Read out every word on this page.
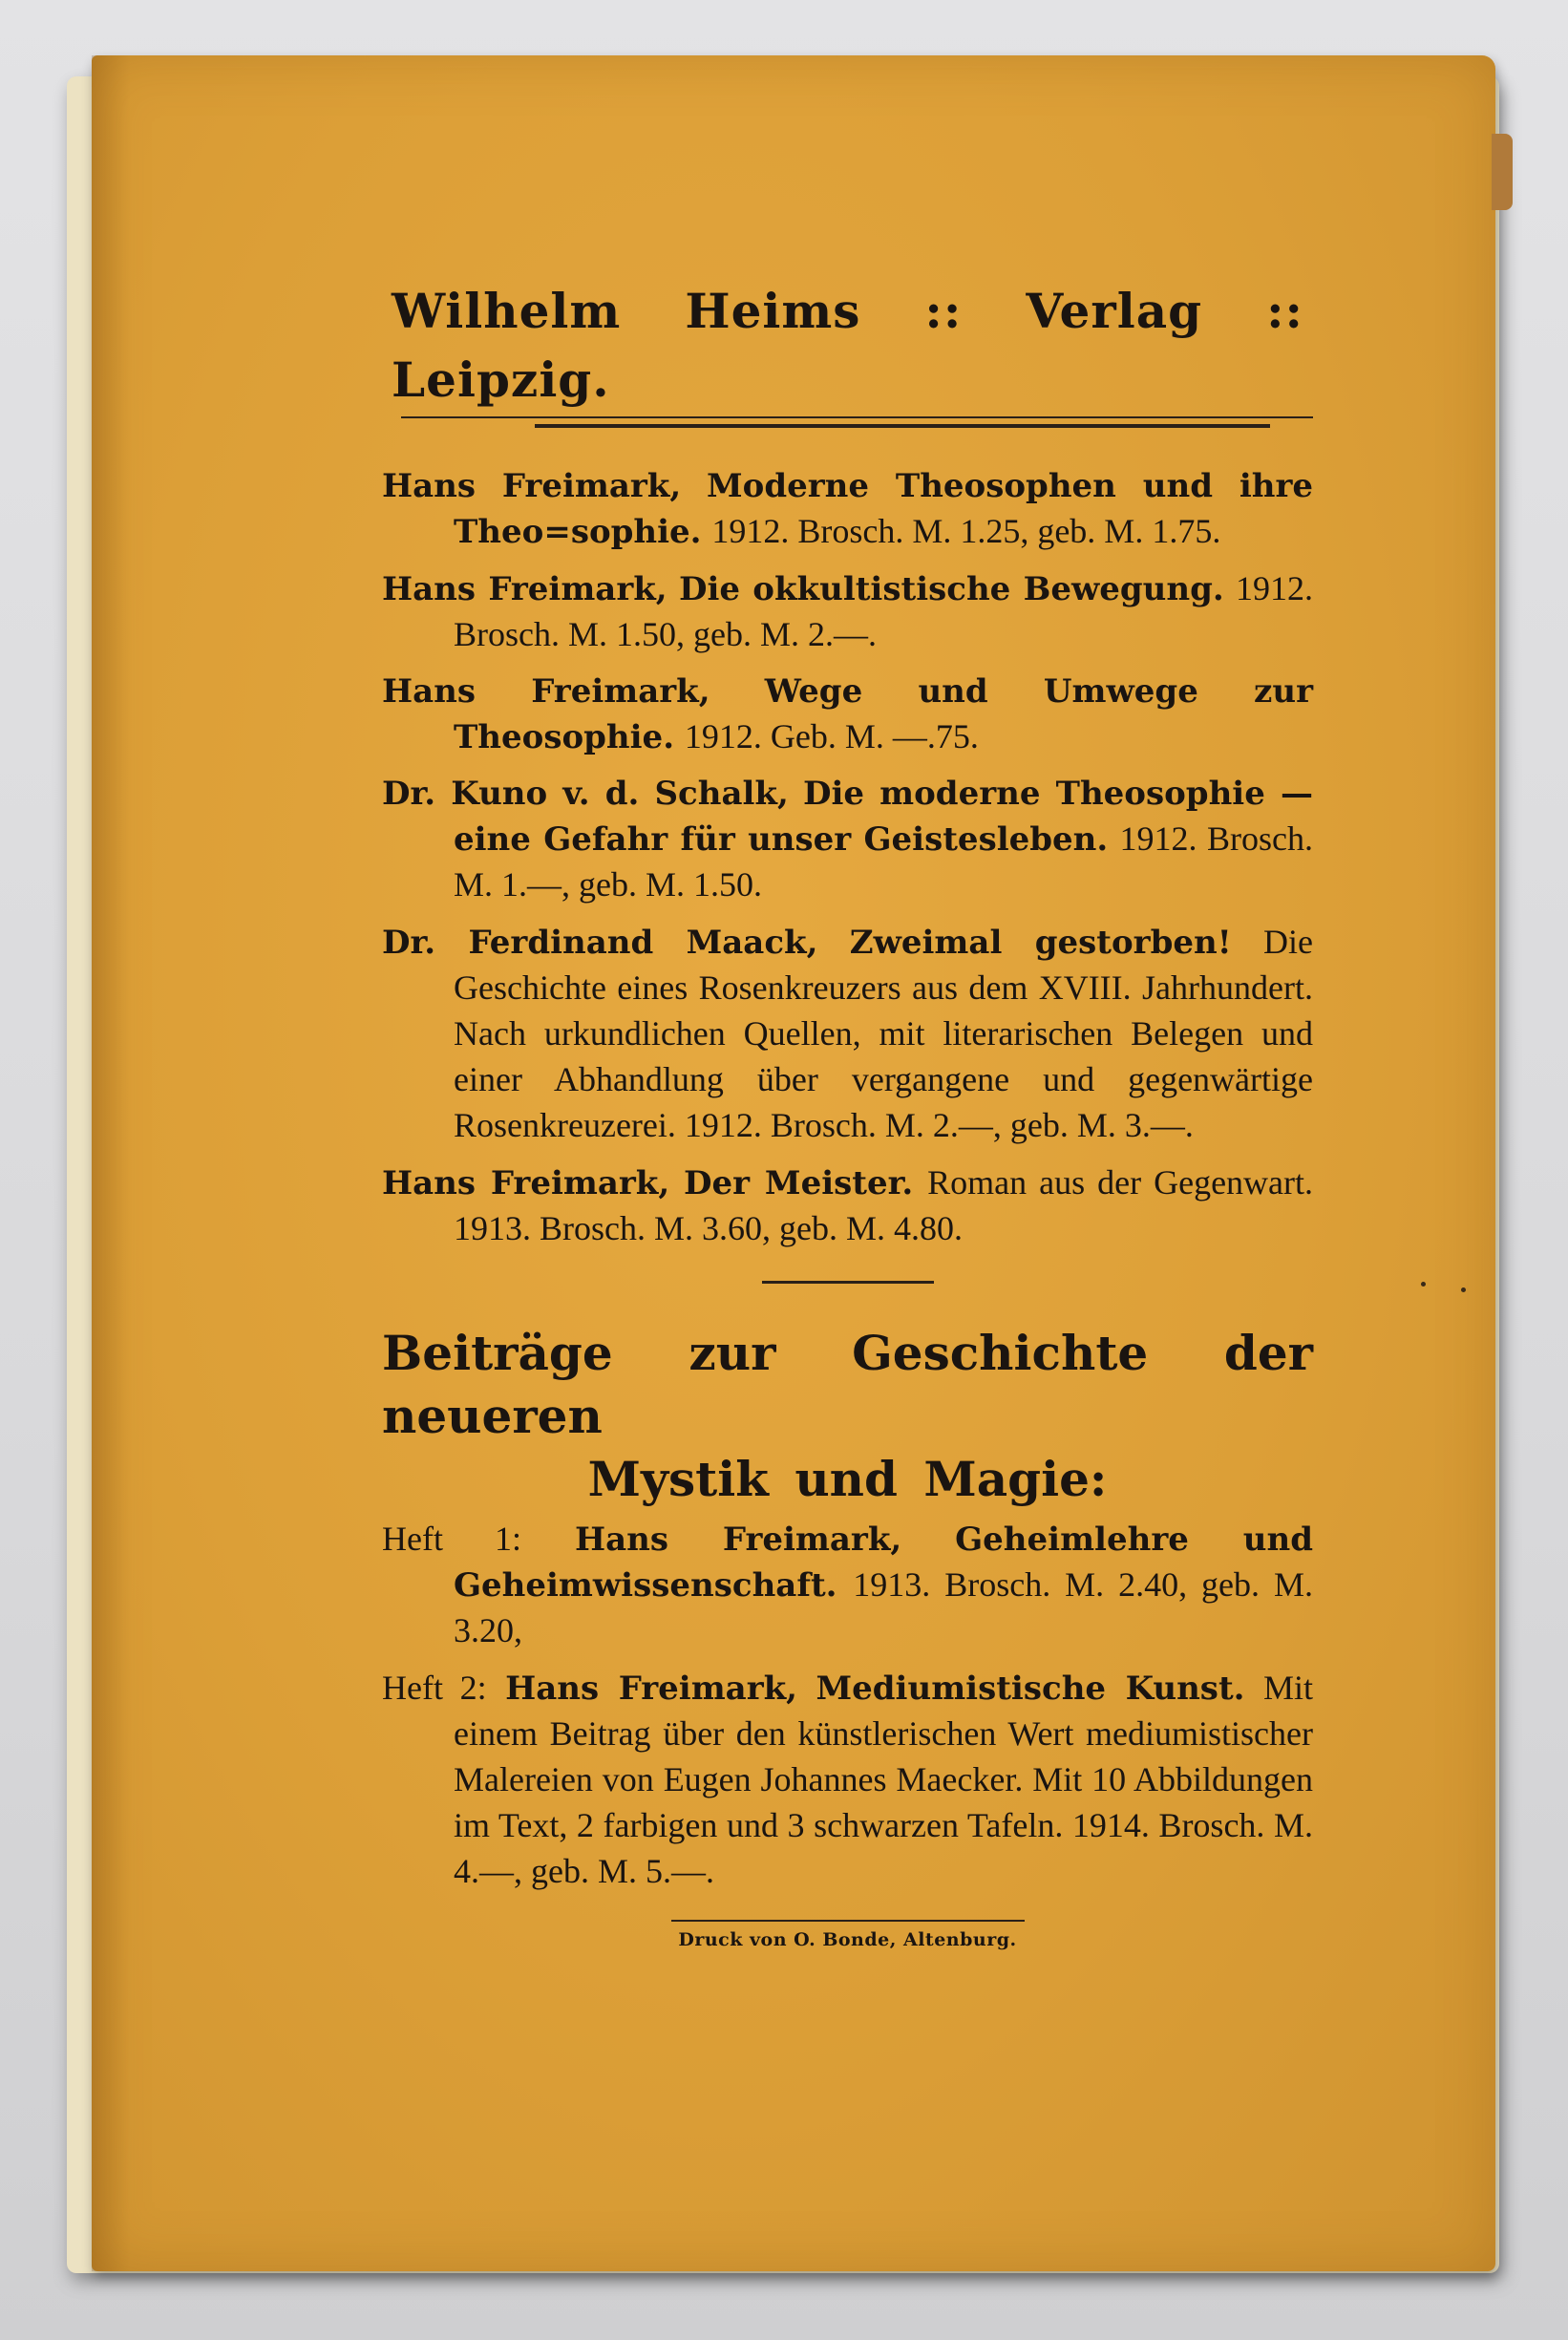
Wilhelm Heims :: Verlag :: Leipzig.
Hans Freimark, Moderne Theosophen und ihre Theo=sophie. 1912. Brosch. M. 1.25, geb. M. 1.75.
Hans Freimark, Die okkultistische Bewegung. 1912. Brosch. M. 1.50, geb. M. 2.—.
Hans Freimark, Wege und Umwege zur Theosophie. 1912. Geb. M. —.75.
Dr. Kuno v. d. Schalk, Die moderne Theosophie — eine Gefahr für unser Geistesleben. 1912. Brosch. M. 1.—, geb. M. 1.50.
Dr. Ferdinand Maack, Zweimal gestorben! Die Geschichte eines Rosenkreuzers aus dem XVIII. Jahrhundert. Nach urkundlichen Quellen, mit literarischen Belegen und einer Abhandlung über vergangene und gegenwärtige Rosenkreuzerei. 1912. Brosch. M. 2.—, geb. M. 3.—.
Hans Freimark, Der Meister. Roman aus der Gegenwart. 1913. Brosch. M. 3.60, geb. M. 4.80.
Beiträge zur Geschichte der neueren
Mystik und Magie:
Heft 1: Hans Freimark, Geheimlehre und Geheimwissenschaft. 1913. Brosch. M. 2.40, geb. M. 3.20,
Heft 2: Hans Freimark, Mediumistische Kunst. Mit einem Beitrag über den künstlerischen Wert mediumistischer Malereien von Eugen Johannes Maecker. Mit 10 Abbildungen im Text, 2 farbigen und 3 schwarzen Tafeln. 1914. Brosch. M. 4.—, geb. M. 5.—.
Druck von O. Bonde, Altenburg.
